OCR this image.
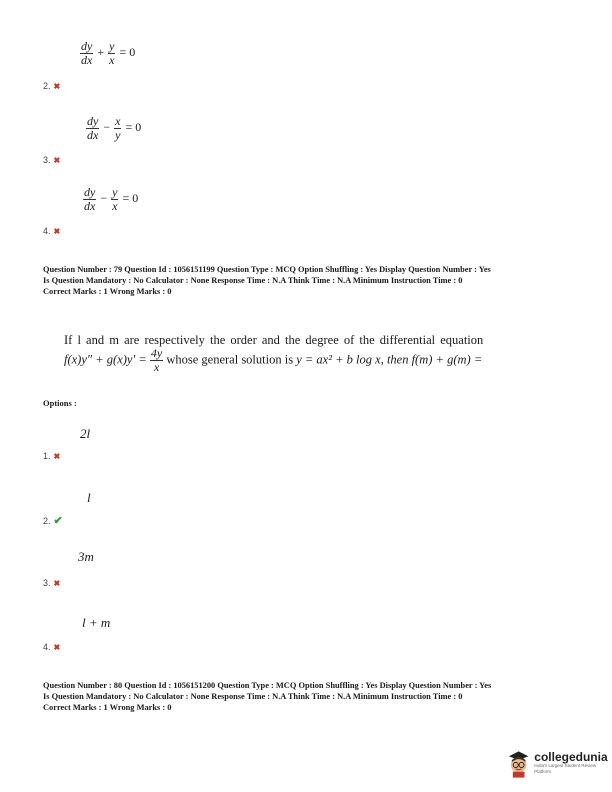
$\frac{dy}{dx} + \frac{y}{x} = 0$
2. ✖
$\frac{dy}{dx} - \frac{x}{y} = 0$
3. ✖
$\frac{dy}{dx} - \frac{y}{x} = 0$
4. ✖
Question Number : 79 Question Id : 1056151199 Question Type : MCQ Option Shuffling : Yes Display Question Number : Yes
Is Question Mandatory : No Calculator : None Response Time : N.A Think Time : N.A Minimum Instruction Time : 0
Correct Marks : 1 Wrong Marks : 0
If l and m are respectively the order and the degree of the differential equation
$f(x)y'' + g(x)y' = \frac{4y}{x}$ whose general solution is y = ax² + b log x, then f(m) + g(m) =
Options :
2l
1. ✖
l
2. ✔
3m
3. ✖
l + m
4. ✖
Question Number : 80 Question Id : 1056151200 Question Type : MCQ Option Shuffling : Yes Display Question Number : Yes
Is Question Mandatory : No Calculator : None Response Time : N.A Think Time : N.A Minimum Instruction Time : 0
Correct Marks : 1 Wrong Marks : 0
collegedunia
India's Largest Student Review Platform
